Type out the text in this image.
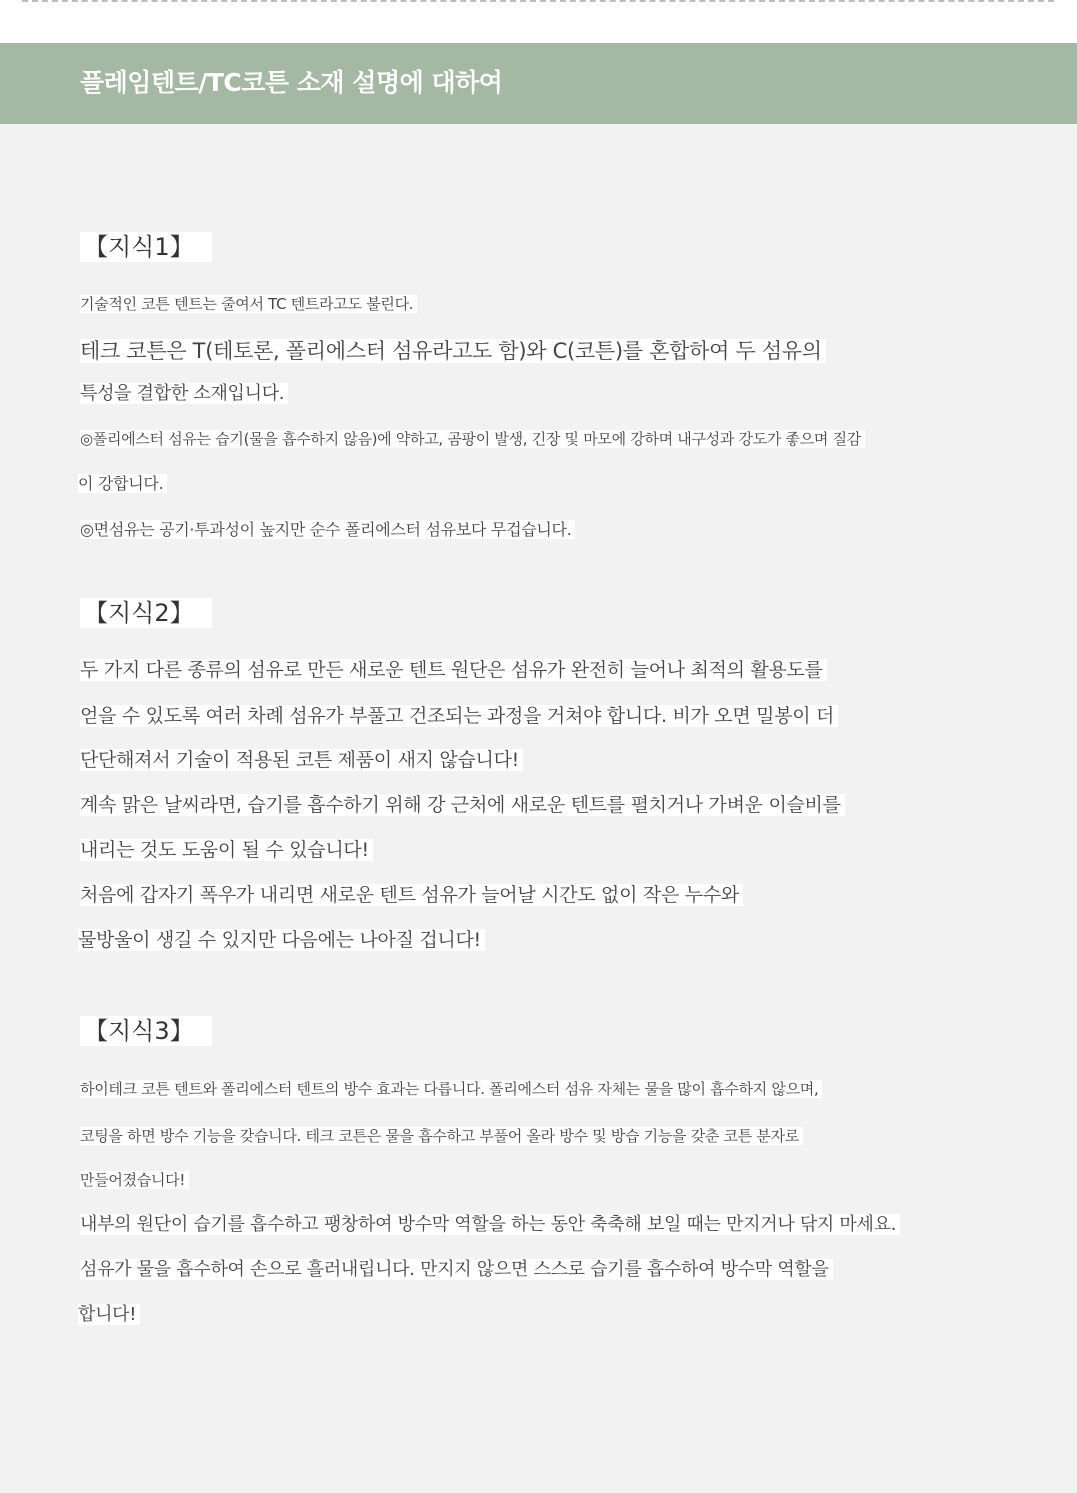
플레임텐트/TC코튼 소재 설명에 대하여
【지식1】
기술적인 코튼 텐트는 줄여서 TC 텐트라고도 불린다.
테크 코튼은 T(테토론, 폴리에스터 섬유라고도 함)와 C(코튼)를 혼합하여 두 섬유의
특성을 결합한 소재입니다.
◎폴리에스터 섬유는 습기(물을 흡수하지 않음)에 약하고, 곰팡이 발생, 긴장 및 마모에 강하며 내구성과 강도가 좋으며 질감
이 강합니다.
◎면섬유는 공기·투과성이 높지만 순수 폴리에스터 섬유보다 무겁습니다.
【지식2】
두 가지 다른 종류의 섬유로 만든 새로운 텐트 원단은 섬유가 완전히 늘어나 최적의 활용도를
얻을 수 있도록 여러 차례 섬유가 부풀고 건조되는 과정을 거쳐야 합니다. 비가 오면 밀봉이 더
단단해져서 기술이 적용된 코튼 제품이 새지 않습니다!
계속 맑은 날씨라면, 습기를 흡수하기 위해 강 근처에 새로운 텐트를 펼치거나 가벼운 이슬비를
내리는 것도 도움이 될 수 있습니다!
처음에 갑자기 폭우가 내리면 새로운 텐트 섬유가 늘어날 시간도 없이 작은 누수와
물방울이 생길 수 있지만 다음에는 나아질 겁니다!
【지식3】
하이테크 코튼 텐트와 폴리에스터 텐트의 방수 효과는 다릅니다. 폴리에스터 섬유 자체는 물을 많이 흡수하지 않으며,
코팅을 하면 방수 기능을 갖습니다. 테크 코튼은 물을 흡수하고 부풀어 올라 방수 및 방습 기능을 갖춘 코튼 분자로
만들어졌습니다!
내부의 원단이 습기를 흡수하고 팽창하여 방수막 역할을 하는 동안 축축해 보일 때는 만지거나 닦지 마세요.
섬유가 물을 흡수하여 손으로 흘러내립니다. 만지지 않으면 스스로 습기를 흡수하여 방수막 역할을
합니다!
